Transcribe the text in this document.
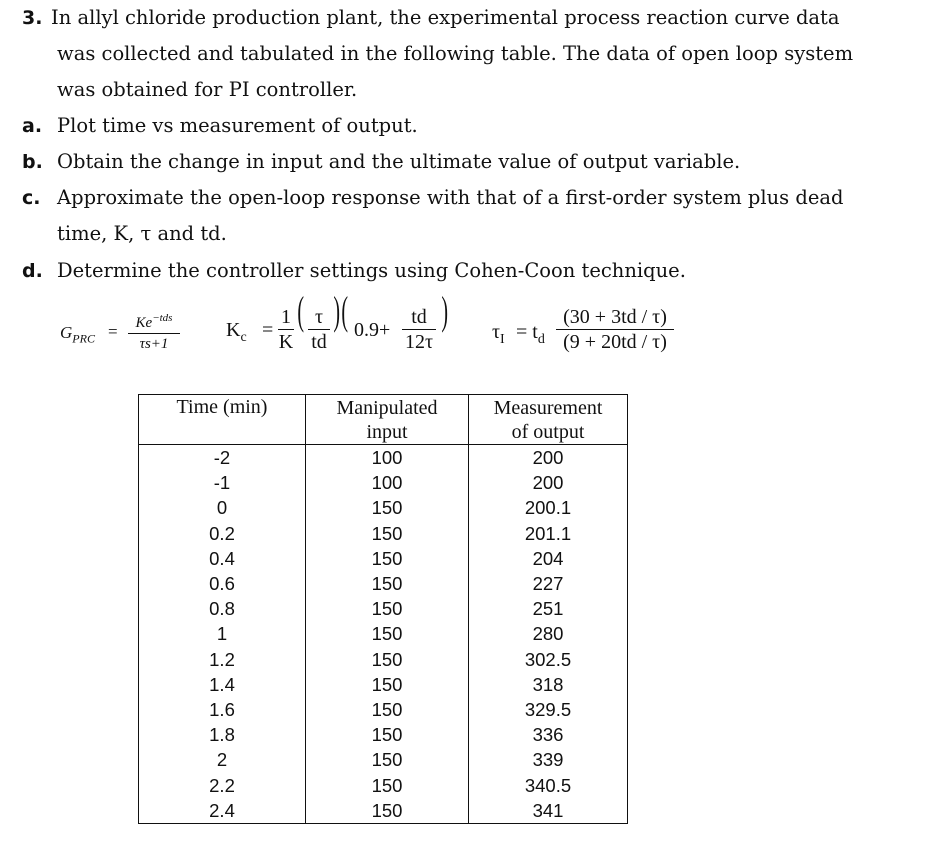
3. In allyl chloride production plant, the experimental process reaction curve data
was collected and tabulated in the following table. The data of open loop system
was obtained for PI controller.
a. Plot time vs measurement of output.
b. Obtain the change in input and the ultimate value of output variable.
c. Approximate the open-loop response with that of a first-order system plus dead
time, K, τ and td.
d. Determine the controller settings using Cohen-Coon technique.
$G_{PRC}$ =	$Ke^{-tds}$
τs+1
$K_c$ =
1
K
( τ
td
) ( 0.9+
td
12τ
) $\tau_I = t_d$
(30 + 3td / τ)
(9 + 20td / τ)
Time (min)	Manipulated input	Measurement of output

-2	100	200
-1	100	200
0	150	200.1
0.2	150	201.1
0.4	150	204
0.6	150	227
0.8	150	251
1	150	280
1.2	150	302.5
1.4	150	318
1.6	150	329.5
1.8	150	336
2	150	339
2.2	150	340.5
2.4	150	341
